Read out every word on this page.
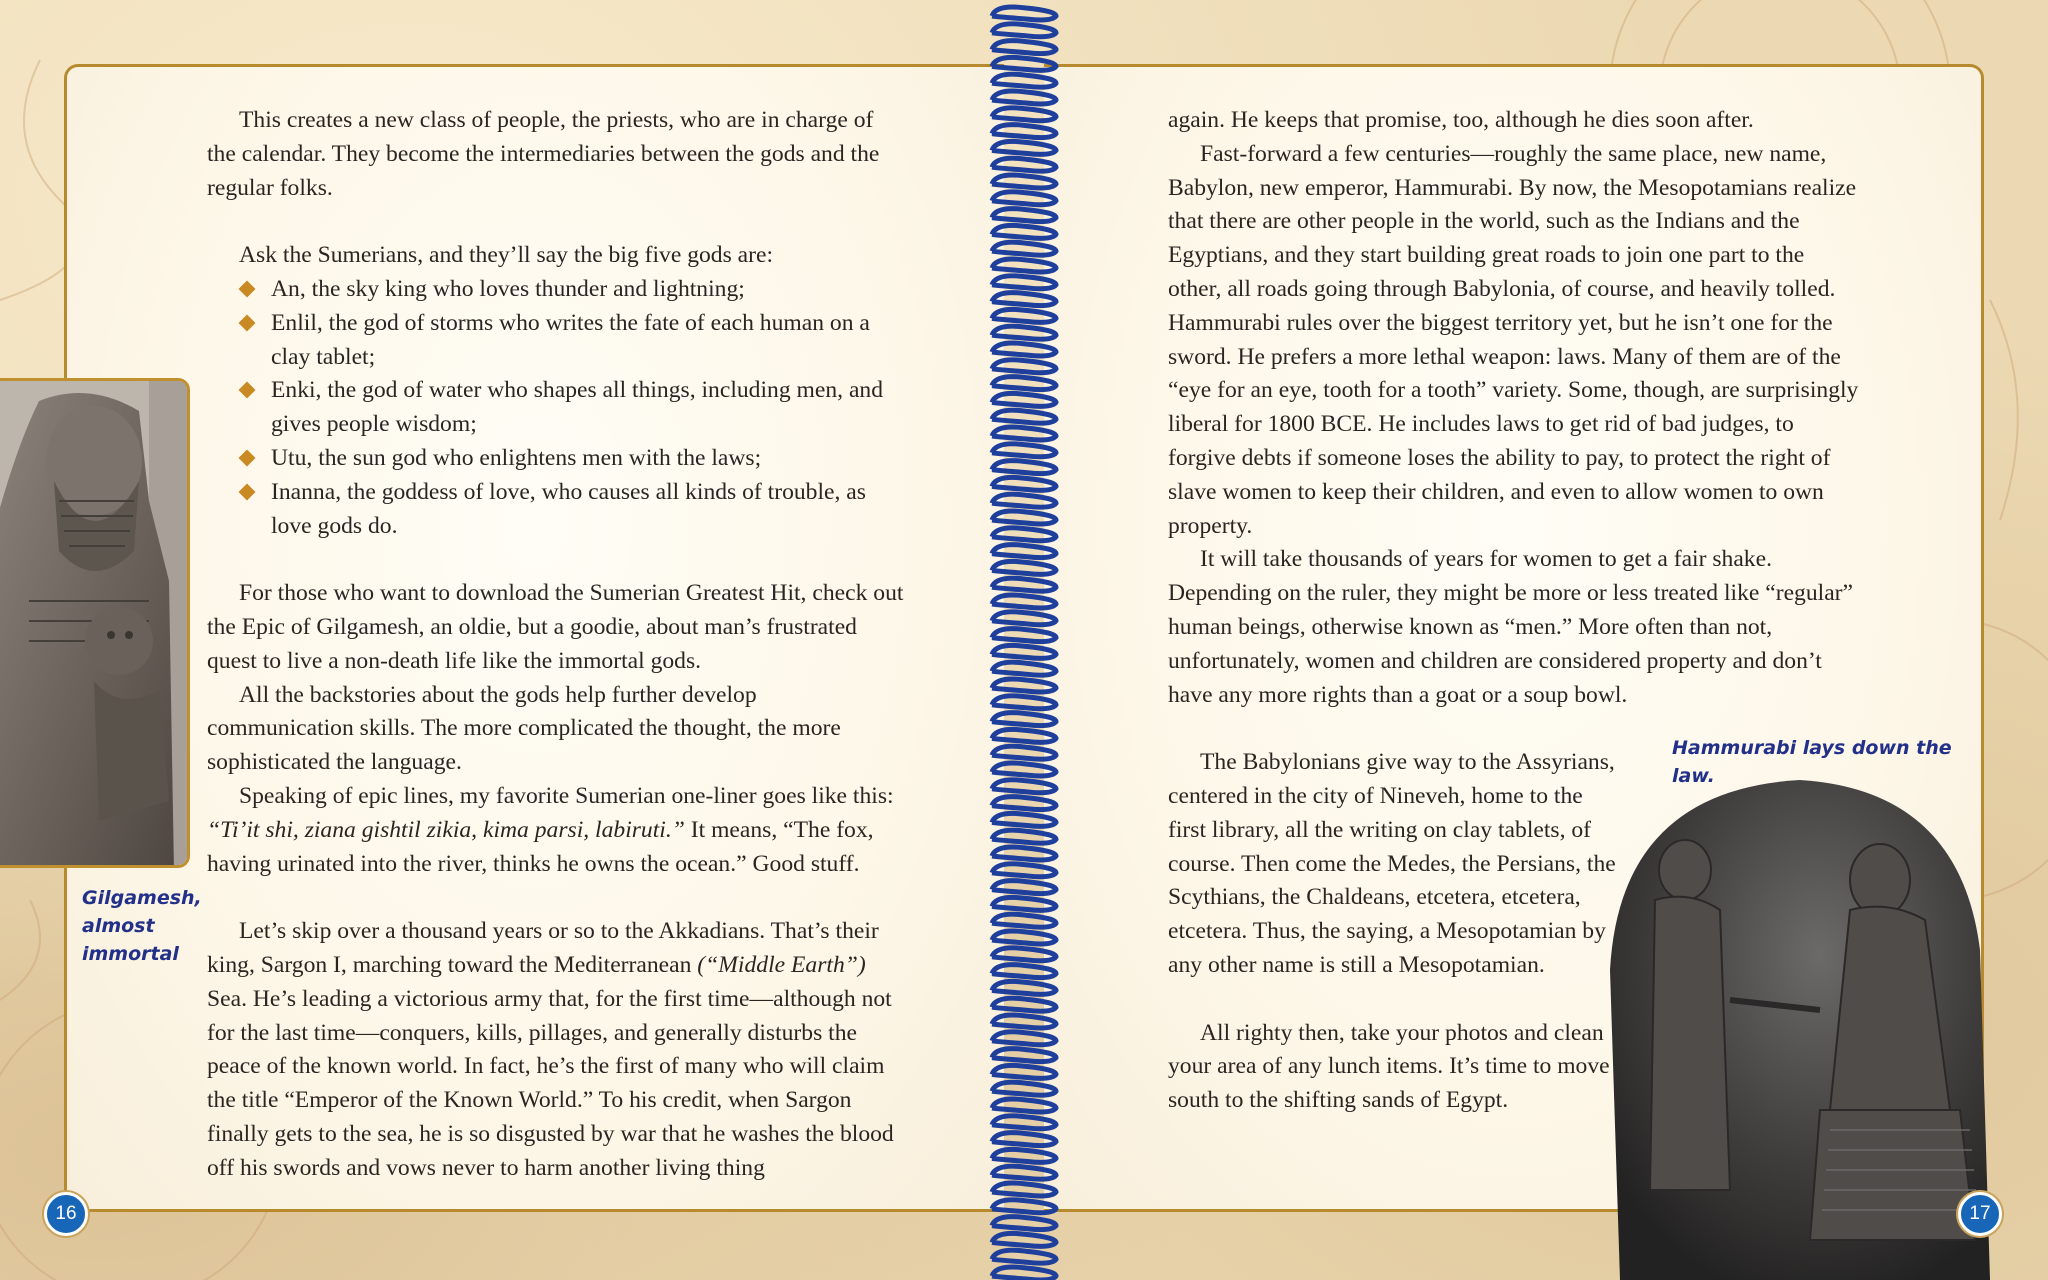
This creates a new class of people, the priests, who are in charge of the calendar. They become the intermediaries between the gods and the regular folks.

Ask the Sumerians, and they’ll say the big five gods are:

An, the sky king who loves thunder and lightning;
Enlil, the god of storms who writes the fate of each human on a clay tablet;
Enki, the god of water who shapes all things, including men, and gives people wisdom;
Utu, the sun god who enlightens men with the laws;
Inanna, the goddess of love, who causes all kinds of trouble, as love gods do.

For those who want to download the Sumerian Greatest Hit, check out the Epic of Gilgamesh, an oldie, but a goodie, about man’s frustrated quest to live a non-death life like the immortal gods.

All the backstories about the gods help further develop communication skills. The more complicated the thought, the more sophisticated the language.

Speaking of epic lines, my favorite Sumerian one-liner goes like this: “Ti’it shi, ziana gishtil zikia, kima parsi, labiruti.” It means, “The fox, having urinated into the river, thinks he owns the ocean.” Good stuff.

Let’s skip over a thousand years or so to the Akkadians. That’s their king, Sargon I, marching toward the Mediterranean (“Middle Earth”) Sea. He’s leading a victorious army that, for the first time—although not for the last time—conquers, kills, pillages, and generally disturbs the peace of the known world. In fact, he’s the first of many who will claim the title “Emperor of the Known World.” To his credit, when Sargon finally gets to the sea, he is so disgusted by war that he washes the blood off his swords and vows never to harm another living thing

again. He keeps that promise, too, although he dies soon after.

Fast-forward a few centuries—roughly the same place, new name, Babylon, new emperor, Hammurabi. By now, the Mesopotamians realize that there are other people in the world, such as the Indians and the Egyptians, and they start building great roads to join one part to the other, all roads going through Babylonia, of course, and heavily tolled. Hammurabi rules over the biggest territory yet, but he isn’t one for the sword. He prefers a more lethal weapon: laws. Many of them are of the “eye for an eye, tooth for a tooth” variety. Some, though, are surprisingly liberal for 1800 BCE. He includes laws to get rid of bad judges, to forgive debts if someone loses the ability to pay, to protect the right of slave women to keep their children, and even to allow women to own property.

It will take thousands of years for women to get a fair shake. Depending on the ruler, they might be more or less treated like “regular” human beings, otherwise known as “men.” More often than not, unfortunately, women and children are considered property and don’t have any more rights than a goat or a soup bowl.

The Babylonians give way to the Assyrians, centered in the city of Nineveh, home to the first library, all the writing on clay tablets, of course. Then come the Medes, the Persians, the Scythians, the Chaldeans, etcetera, etcetera, etcetera. Thus, the saying, a Mesopotamian by any other name is still a Mesopotamian.

All righty then, take your photos and clean your area of any lunch items. It’s time to move south to the shifting sands of Egypt.

Gilgamesh, almost immortal
Hammurabi lays down the law.
16	17
